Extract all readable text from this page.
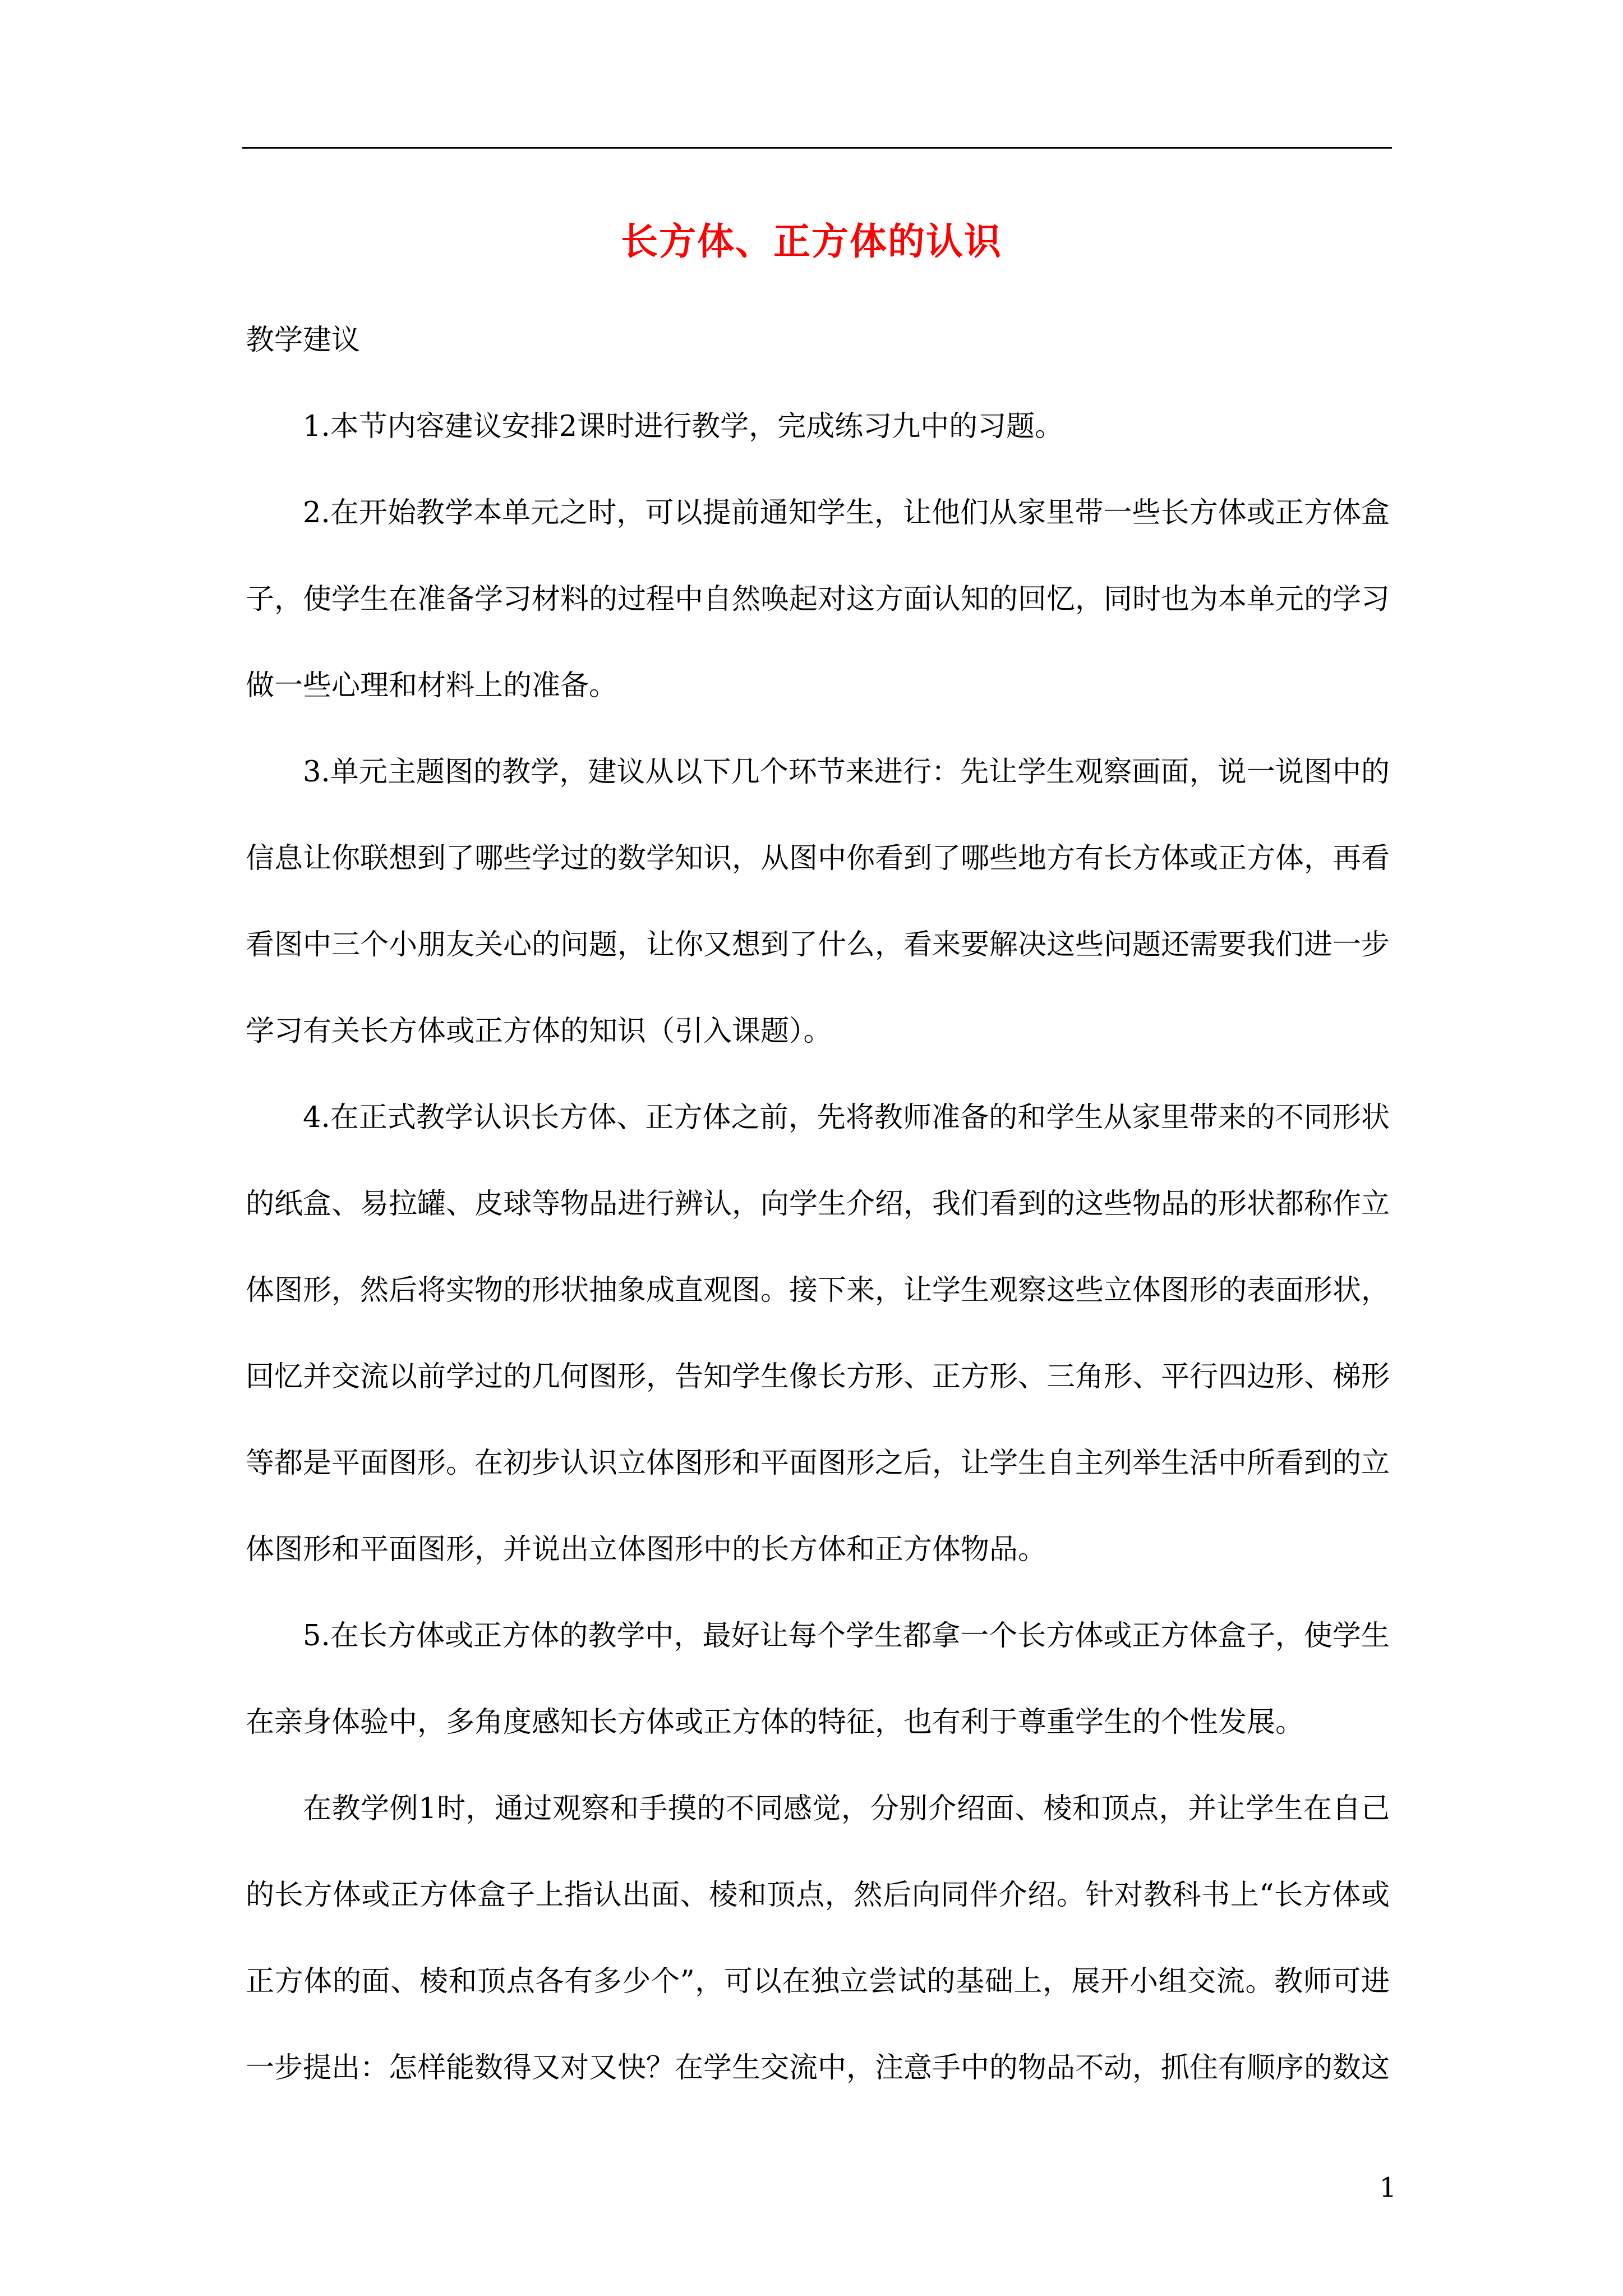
长方体、正方体的认识

教学建议

1.本节内容建议安排2课时进行教学，完成练习九中的习题。

2.在开始教学本单元之时，可以提前通知学生，让他们从家里带一些长方体或正方体盒子，使学生在准备学习材料的过程中自然唤起对这方面认知的回忆，同时也为本单元的学习做一些心理和材料上的准备。

3.单元主题图的教学，建议从以下几个环节来进行：先让学生观察画面，说一说图中的信息让你联想到了哪些学过的数学知识，从图中你看到了哪些地方有长方体或正方体，再看看图中三个小朋友关心的问题，让你又想到了什么，看来要解决这些问题还需要我们进一步学习有关长方体或正方体的知识（引入课题）。

4.在正式教学认识长方体、正方体之前，先将教师准备的和学生从家里带来的不同形状的纸盒、易拉罐、皮球等物品进行辨认，向学生介绍，我们看到的这些物品的形状都称作立体图形，然后将实物的形状抽象成直观图。接下来，让学生观察这些立体图形的表面形状，回忆并交流以前学过的几何图形，告知学生像长方形、正方形、三角形、平行四边形、梯形等都是平面图形。在初步认识立体图形和平面图形之后，让学生自主列举生活中所看到的立体图形和平面图形，并说出立体图形中的长方体和正方体物品。

5.在长方体或正方体的教学中，最好让每个学生都拿一个长方体或正方体盒子，使学生在亲身体验中，多角度感知长方体或正方体的特征，也有利于尊重学生的个性发展。

在教学例1时，通过观察和手摸的不同感觉，分别介绍面、棱和顶点，并让学生在自己的长方体或正方体盒子上指认出面、棱和顶点，然后向同伴介绍。针对教科书上“长方体或正方体的面、棱和顶点各有多少个”，可以在独立尝试的基础上，展开小组交流。教师可进一步提出：怎样能数得又对又快？在学生交流中，注意手中的物品不动，抓住有顺序的数这

1
